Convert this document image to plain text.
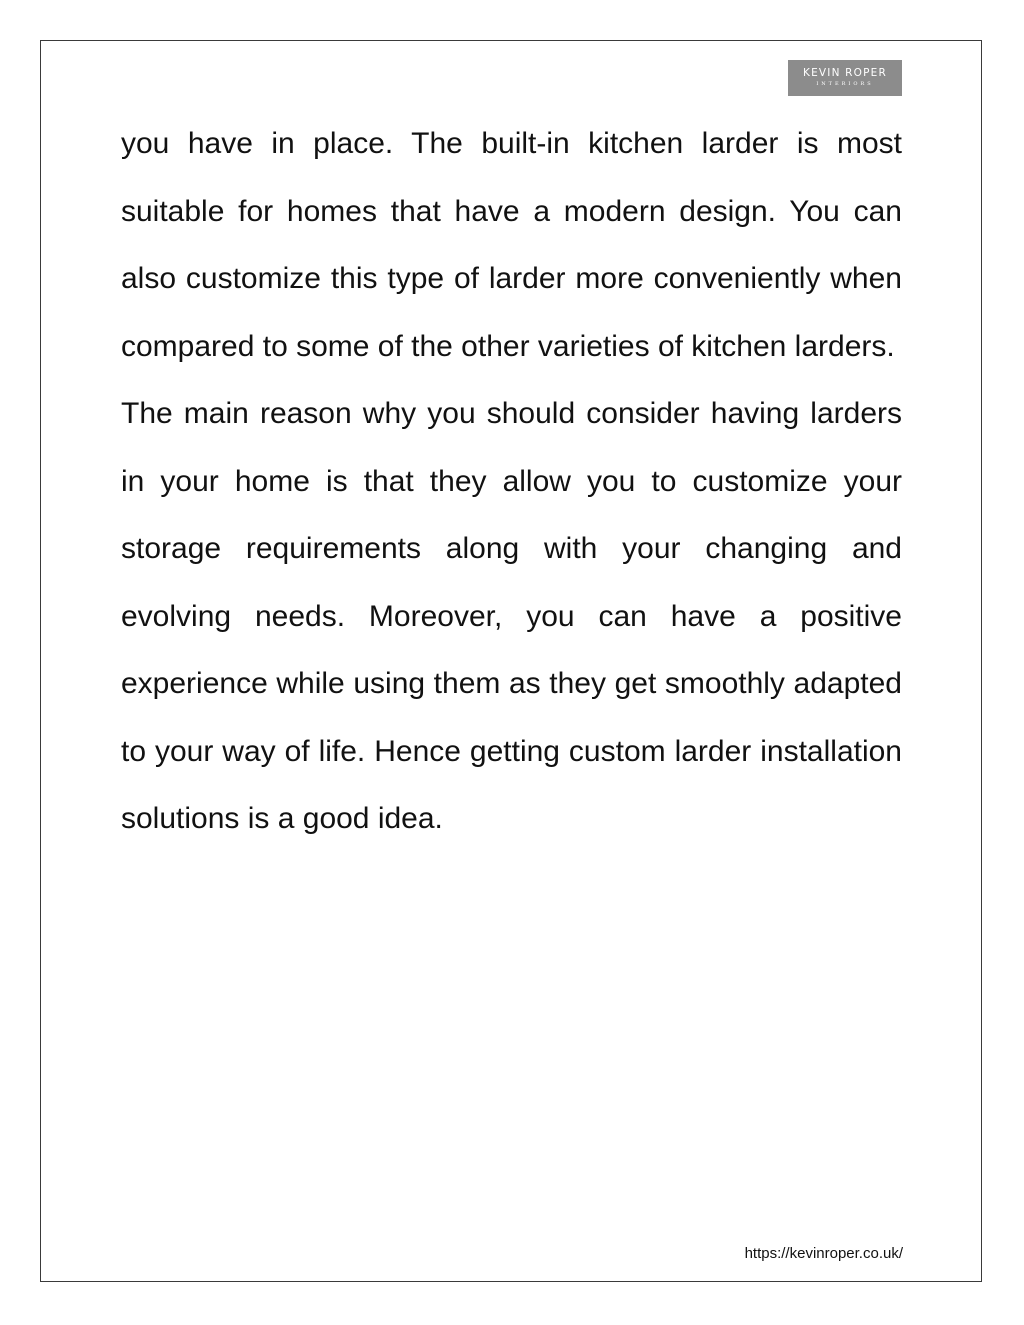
KEVIN ROPER
INTERIORS

you have in place. The built-in kitchen larder is most suitable for homes that have a modern design. You can also customize this type of larder more conveniently when compared to some of the other varieties of kitchen larders.

The main reason why you should consider having larders in your home is that they allow you to customize your storage requirements along with your changing and evolving needs. Moreover, you can have a positive experience while using them as they get smoothly adapted to your way of life. Hence getting custom larder installation solutions is a good idea.

https://kevinroper.co.uk/
